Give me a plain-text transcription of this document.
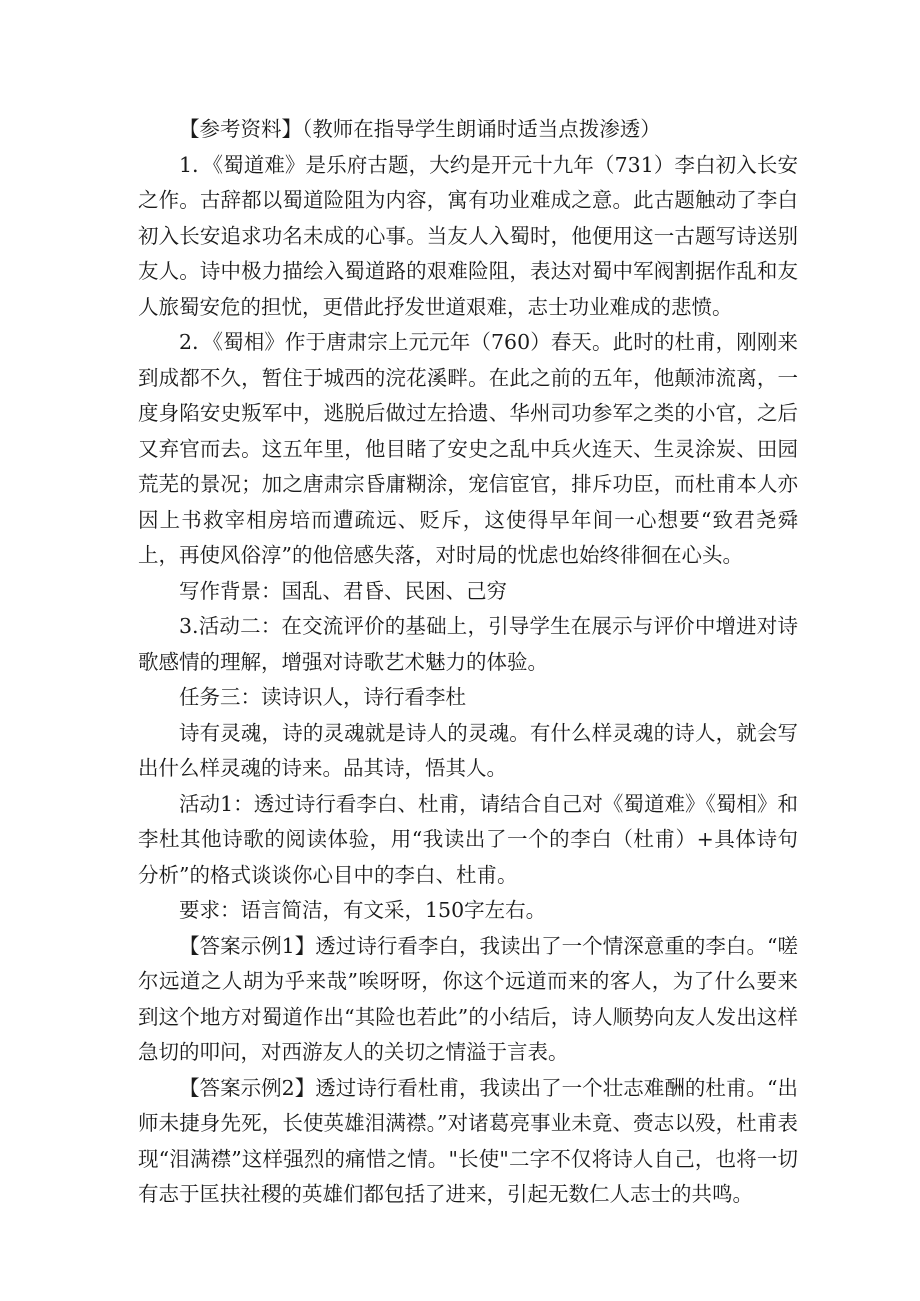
【参考资料】（教师在指导学生朗诵时适当点拨渗透）

1．《蜀道难》是乐府古题，大约是开元十九年（731）李白初入长安之作。古辞都以蜀道险阻为内容，寓有功业难成之意。此古题触动了李白初入长安追求功名未成的心事。当友人入蜀时，他便用这一古题写诗送别友人。诗中极力描绘入蜀道路的艰难险阻，表达对蜀中军阀割据作乱和友人旅蜀安危的担忧，更借此抒发世道艰难，志士功业难成的悲愤。

2．《蜀相》作于唐肃宗上元元年（760）春天。此时的杜甫，刚刚来到成都不久，暂住于城西的浣花溪畔。在此之前的五年，他颠沛流离，一度身陷安史叛军中，逃脱后做过左拾遗、华州司功参军之类的小官，之后又弃官而去。这五年里，他目睹了安史之乱中兵火连天、生灵涂炭、田园荒芜的景况；加之唐肃宗昏庸糊涂，宠信宦官，排斥功臣，而杜甫本人亦因上书救宰相房培而遭疏远、贬斥，这使得早年间一心想要“致君尧舜上，再使风俗淳”的他倍感失落，对时局的忧虑也始终徘徊在心头。

写作背景：国乱、君昏、民困、己穷

3.活动二：在交流评价的基础上，引导学生在展示与评价中增进对诗歌感情的理解，增强对诗歌艺术魅力的体验。

任务三：读诗识人，诗行看李杜

诗有灵魂，诗的灵魂就是诗人的灵魂。有什么样灵魂的诗人，就会写出什么样灵魂的诗来。品其诗，悟其人。

活动1：透过诗行看李白、杜甫，请结合自己对《蜀道难》《蜀相》和李杜其他诗歌的阅读体验，用“我读出了一个的李白（杜甫）+具体诗句分析”的格式谈谈你心目中的李白、杜甫。

要求：语言简洁，有文采，150字左右。

【答案示例1】透过诗行看李白，我读出了一个情深意重的李白。“嗟尔远道之人胡为乎来哉”唉呀呀，你这个远道而来的客人，为了什么要来到这个地方对蜀道作出“其险也若此”的小结后，诗人顺势向友人发出这样急切的叩问，对西游友人的关切之情溢于言表。

【答案示例2】透过诗行看杜甫，我读出了一个壮志难酬的杜甫。“出师未捷身先死，长使英雄泪满襟。”对诸葛亮事业未竟、赍志以殁，杜甫表现“泪满襟”这样强烈的痛惜之情。"长使"二字不仅将诗人自己，也将一切有志于匡扶社稷的英雄们都包括了进来，引起无数仁人志士的共鸣。
